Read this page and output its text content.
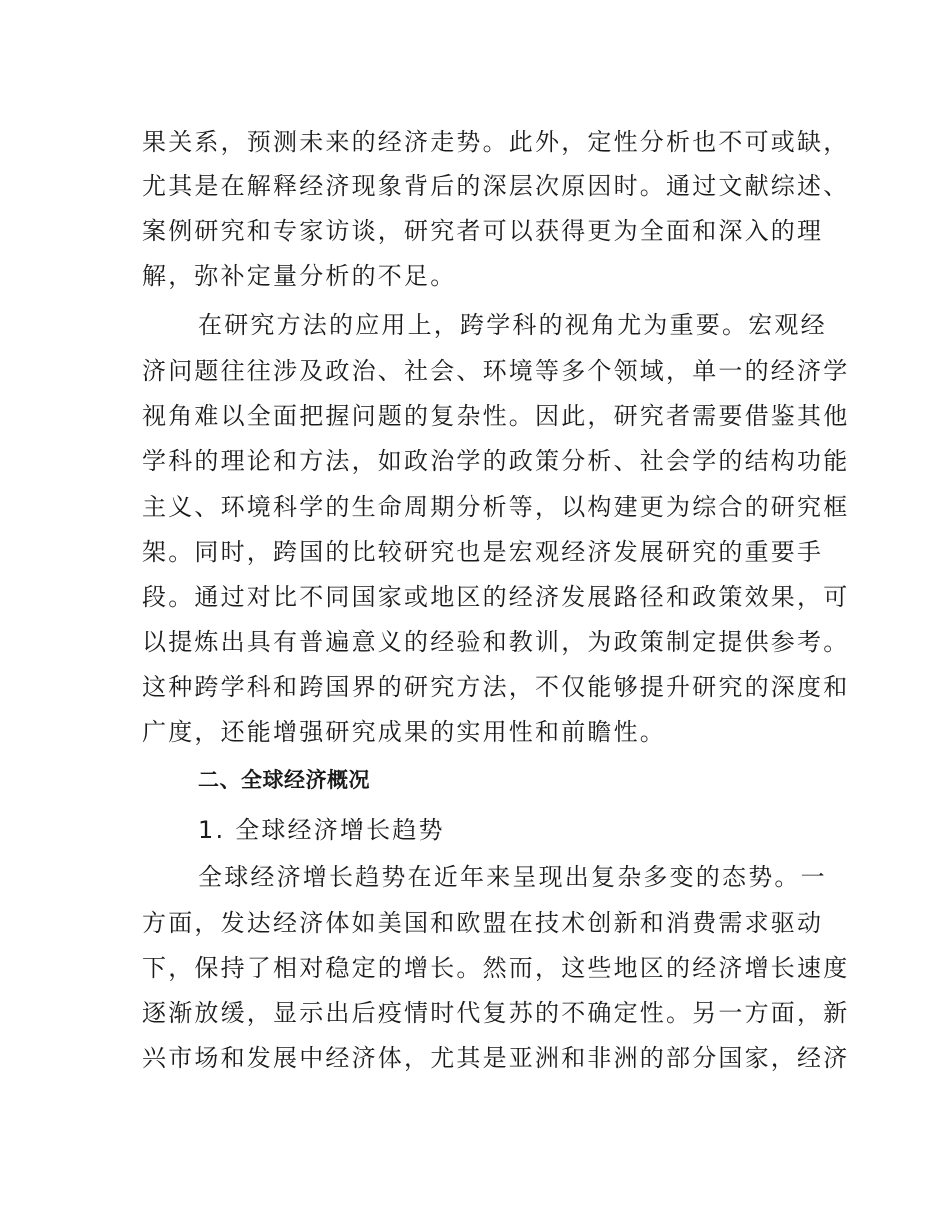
果关系，预测未来的经济走势。此外，定性分析也不可或缺，
尤其是在解释经济现象背后的深层次原因时。通过文献综述、
案例研究和专家访谈，研究者可以获得更为全面和深入的理
解，弥补定量分析的不足。
在研究方法的应用上，跨学科的视角尤为重要。宏观经
济问题往往涉及政治、社会、环境等多个领域，单一的经济学
视角难以全面把握问题的复杂性。因此，研究者需要借鉴其他
学科的理论和方法，如政治学的政策分析、社会学的结构功能
主义、环境科学的生命周期分析等，以构建更为综合的研究框
架。同时，跨国的比较研究也是宏观经济发展研究的重要手
段。通过对比不同国家或地区的经济发展路径和政策效果，可
以提炼出具有普遍意义的经验和教训，为政策制定提供参考。
这种跨学科和跨国界的研究方法，不仅能够提升研究的深度和
广度，还能增强研究成果的实用性和前瞻性。
二、全球经济概况
1. 全球经济增长趋势
全球经济增长趋势在近年来呈现出复杂多变的态势。一
方面，发达经济体如美国和欧盟在技术创新和消费需求驱动
下，保持了相对稳定的增长。然而，这些地区的经济增长速度
逐渐放缓，显示出后疫情时代复苏的不确定性。另一方面，新
兴市场和发展中经济体，尤其是亚洲和非洲的部分国家，经济
